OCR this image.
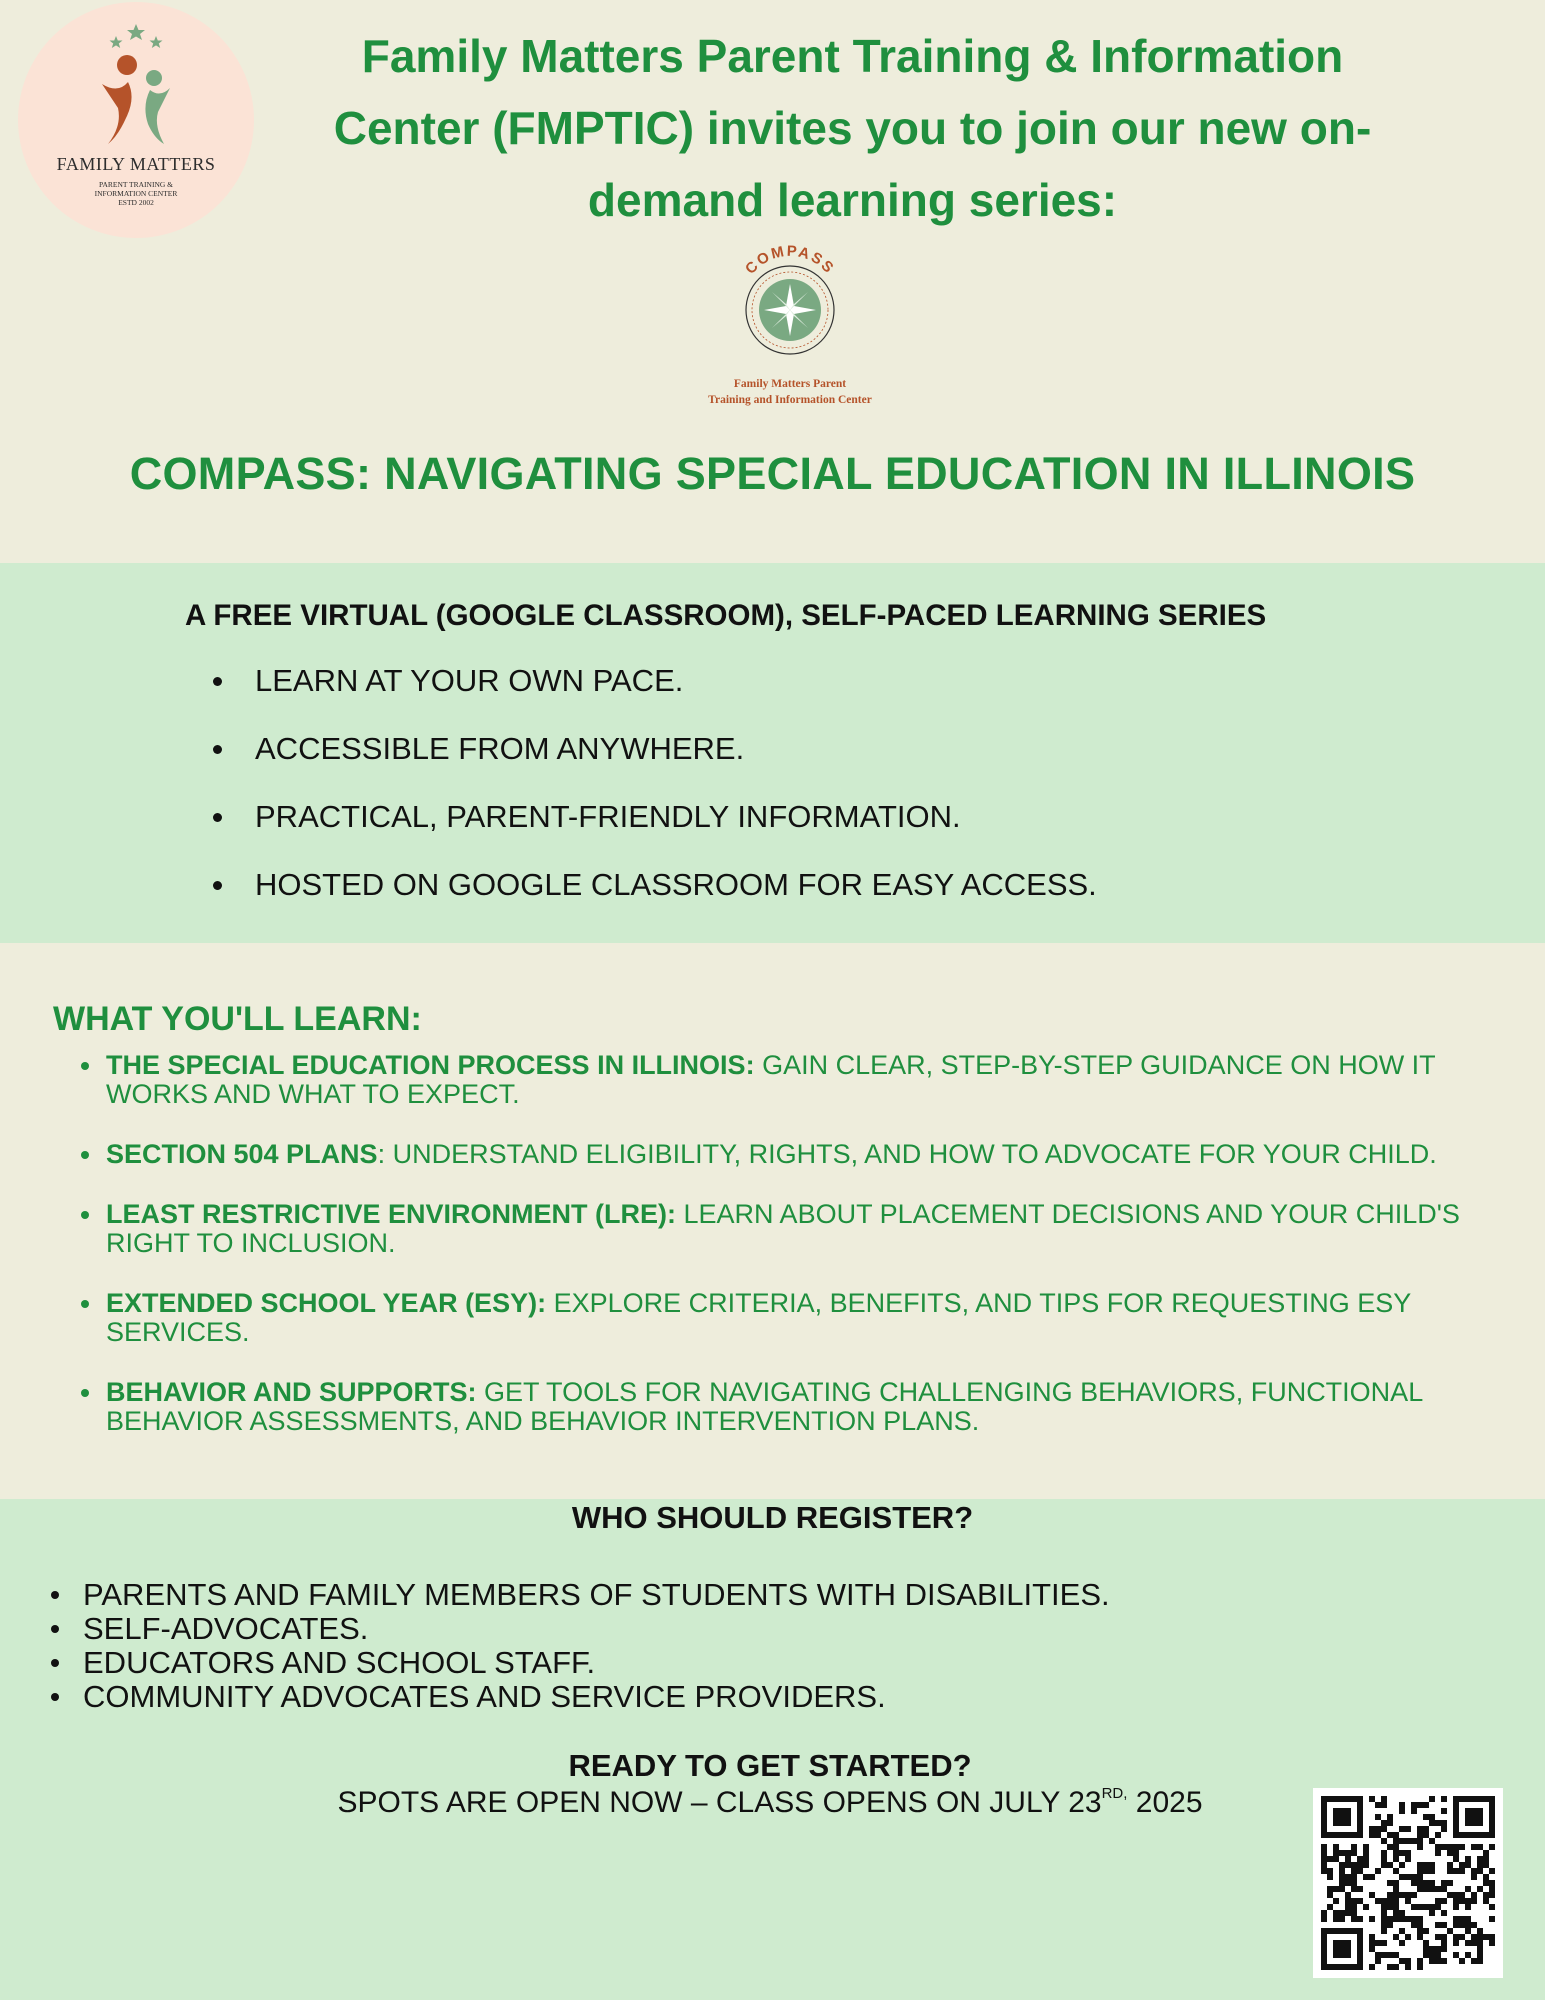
FAMILY MATTERS
PARENT TRAINING &
INFORMATION CENTER
ESTD 2002
Family Matters Parent Training & Information
Center (FMPTIC) invites you to join our new on-
demand learning series:
COMPASS
Family Matters Parent
Training and Information Center
COMPASS: NAVIGATING SPECIAL EDUCATION IN ILLINOIS
A FREE VIRTUAL (GOOGLE CLASSROOM), SELF-PACED LEARNING SERIES
LEARN AT YOUR OWN PACE.
ACCESSIBLE FROM ANYWHERE.
PRACTICAL, PARENT-FRIENDLY INFORMATION.
HOSTED ON GOOGLE CLASSROOM FOR EASY ACCESS.
WHAT YOU'LL LEARN:
THE SPECIAL EDUCATION PROCESS IN ILLINOIS: GAIN CLEAR, STEP-BY-STEP GUIDANCE ON HOW IT WORKS AND WHAT TO EXPECT.
SECTION 504 PLANS: UNDERSTAND ELIGIBILITY, RIGHTS, AND HOW TO ADVOCATE FOR YOUR CHILD.
LEAST RESTRICTIVE ENVIRONMENT (LRE): LEARN ABOUT PLACEMENT DECISIONS AND YOUR CHILD'S RIGHT TO INCLUSION.
EXTENDED SCHOOL YEAR (ESY): EXPLORE CRITERIA, BENEFITS, AND TIPS FOR REQUESTING ESY SERVICES.
BEHAVIOR AND SUPPORTS: GET TOOLS FOR NAVIGATING CHALLENGING BEHAVIORS, FUNCTIONAL BEHAVIOR ASSESSMENTS, AND BEHAVIOR INTERVENTION PLANS.
WHO SHOULD REGISTER?
PARENTS AND FAMILY MEMBERS OF STUDENTS WITH DISABILITIES.
SELF-ADVOCATES.
EDUCATORS AND SCHOOL STAFF.
COMMUNITY ADVOCATES AND SERVICE PROVIDERS.
READY TO GET STARTED?
SPOTS ARE OPEN NOW – CLASS OPENS ON JULY $23^{RD,}$ 2025
